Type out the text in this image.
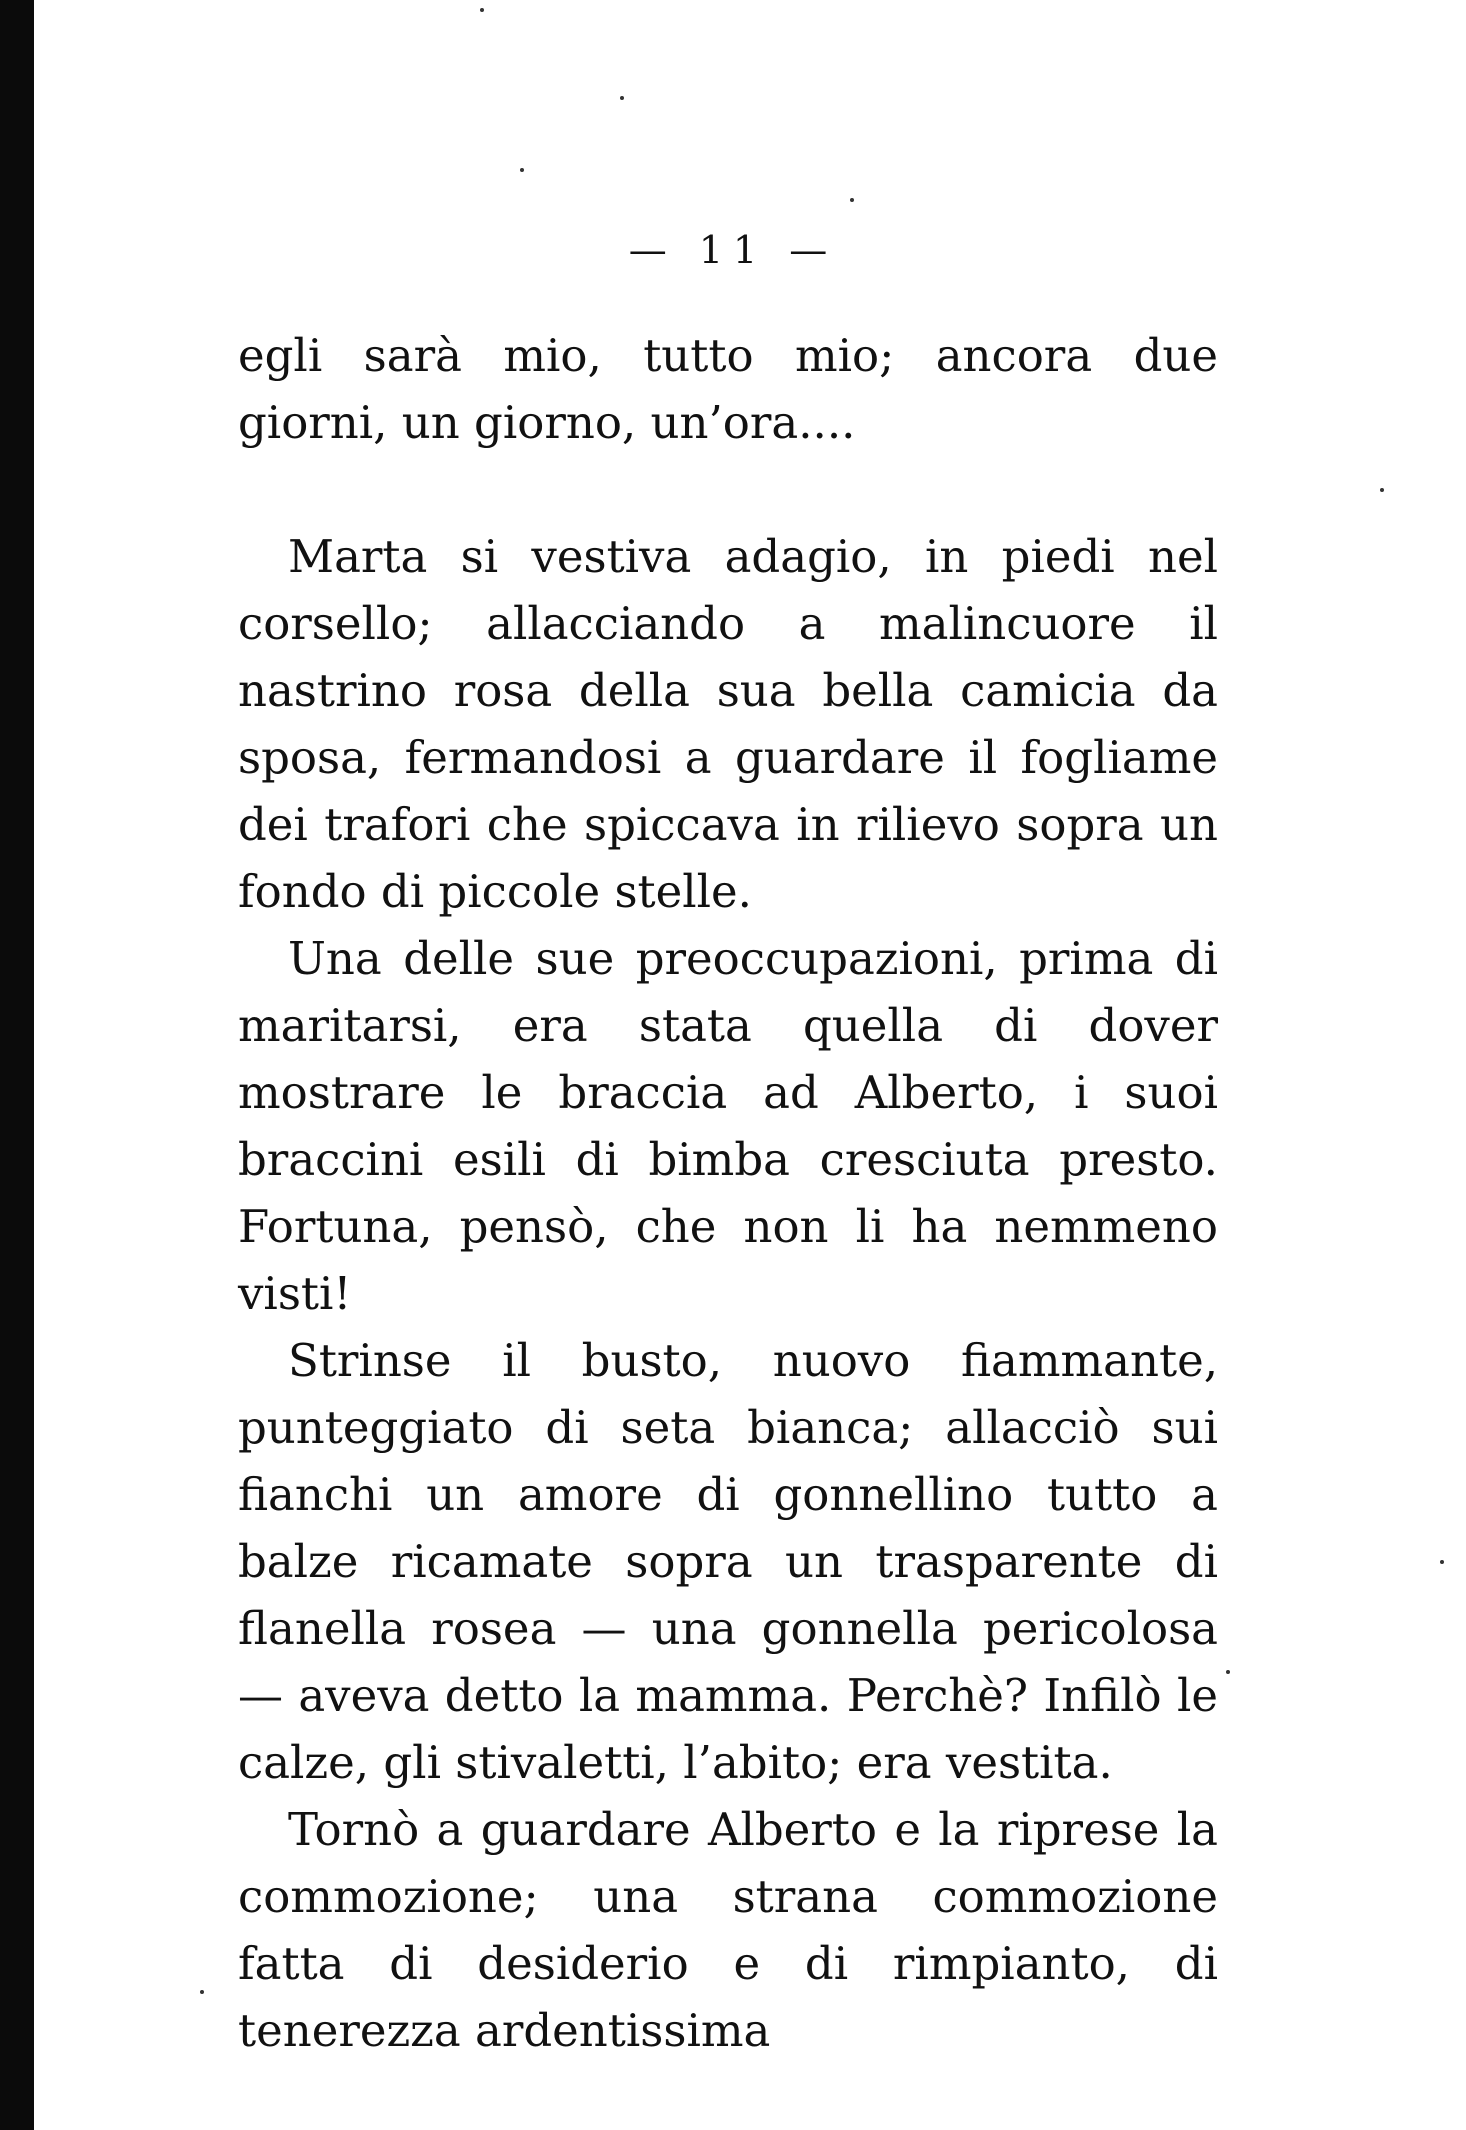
— 11 —

egli sarà mio, tutto mio; ancora due giorni, un giorno, un’ora....

Marta si vestiva adagio, in piedi nel corsello; allacciando a malincuore il nastrino rosa della sua bella camicia da sposa, fermandosi a guardare il fogliame dei trafori che spiccava in rilievo sopra un fondo di piccole stelle.

Una delle sue preoccupazioni, prima di maritarsi, era stata quella di dover mostrare le braccia ad Alberto, i suoi braccini esili di bimba cresciuta presto. Fortuna, pensò, che non li ha nemmeno visti!

Strinse il busto, nuovo fiammante, punteggiato di seta bianca; allacciò sui fianchi un amore di gonnellino tutto a balze ricamate sopra un trasparente di flanella rosea — una gonnella pericolosa — aveva detto la mamma. Perchè? Infilò le calze, gli stivaletti, l’abito; era vestita.

Tornò a guardare Alberto e la riprese la commozione; una strana commozione fatta di desiderio e di rimpianto, di tenerezza ardentissima
